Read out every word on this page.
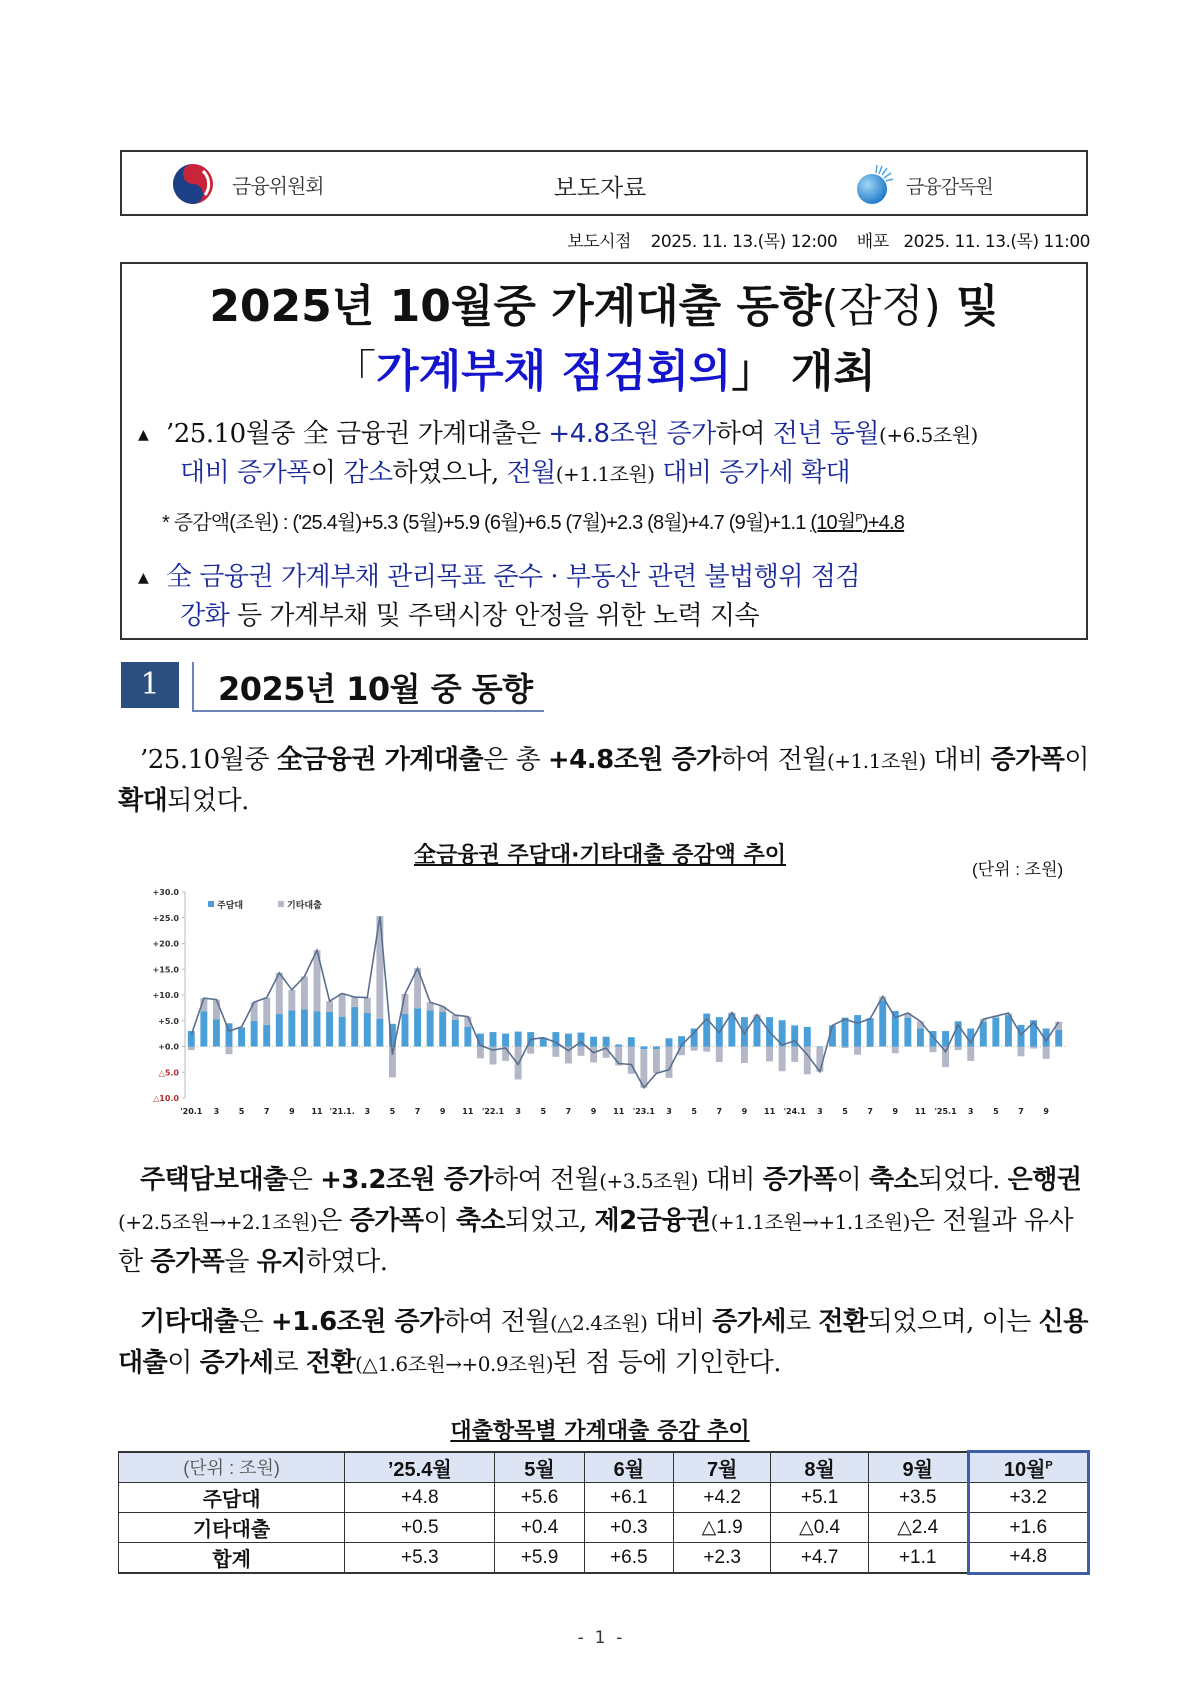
금융위원회	보도자료	금융감독원
보도시점    2025. 11. 13.(목) 12:00    배포   2025. 11. 13.(목) 11:00
2025년 10월중 가계대출 동향(잠정) 및
「가계부채 점검회의」 개최
▲ ’25.10월중 全 금융권 가계대출은 +4.8조원 증가하여 전년 동월(+6.5조원)
대비 증가폭이 감소하였으나, 전월(+1.1조원) 대비 증가세 확대
* 증감액(조원) : ('25.4월)+5.3 (5월)+5.9 (6월)+6.5 (7월)+2.3 (8월)+4.7 (9월)+1.1 (10월$^P$)+4.8
▲ 全 금융권 가계부채 관리목표 준수 · 부동산 관련 불법행위 점검
강화 등 가계부채 및 주택시장 안정을 위한 노력 지속
1	2025년 10월 중 동향
’25.10월중 全금융권 가계대출은 총 +4.8조원 증가하여 전월(+1.1조원) 대비 증가폭이 확대되었다.
全금융권 주담대·기타대출 증감액 추이
(단위 : 조원)
+30.0
+25.0
+20.0
+15.0
+10.0
+5.0
+0.0
△5.0
△10.0
'20.1 3 5 7 9 11 '21.1. 3 5 7 9 11 '22.1 3 5 7 9 11 '23.1 3 5 7 9 11 '24.1 3 5 7 9 11 '25.1 3 5 7 9
주담대	기타대출
주택담보대출은 +3.2조원 증가하여 전월(+3.5조원) 대비 증가폭이 축소되었다. 은행권(+2.5조원→+2.1조원)은 증가폭이 축소되었고, 제2금융권(+1.1조원→+1.1조원)은 전월과 유사한 증가폭을 유지하였다.
기타대출은 +1.6조원 증가하여 전월(△2.4조원) 대비 증가세로 전환되었으며, 이는 신용대출이 증가세로 전환(△1.6조원→+0.9조원)된 점 등에 기인한다.
대출항목별 가계대출 증감 추이
(단위 : 조원)	’25.4월	5월	6월	7월	8월	9월	10월$^P$
주담대	+4.8	+5.6	+6.1	+4.2	+5.1	+3.5	+3.2
기타대출	+0.5	+0.4	+0.3	△1.9	△0.4	△2.4	+1.6
합계	+5.3	+5.9	+6.5	+2.3	+4.7	+1.1	+4.8
-  1  -
